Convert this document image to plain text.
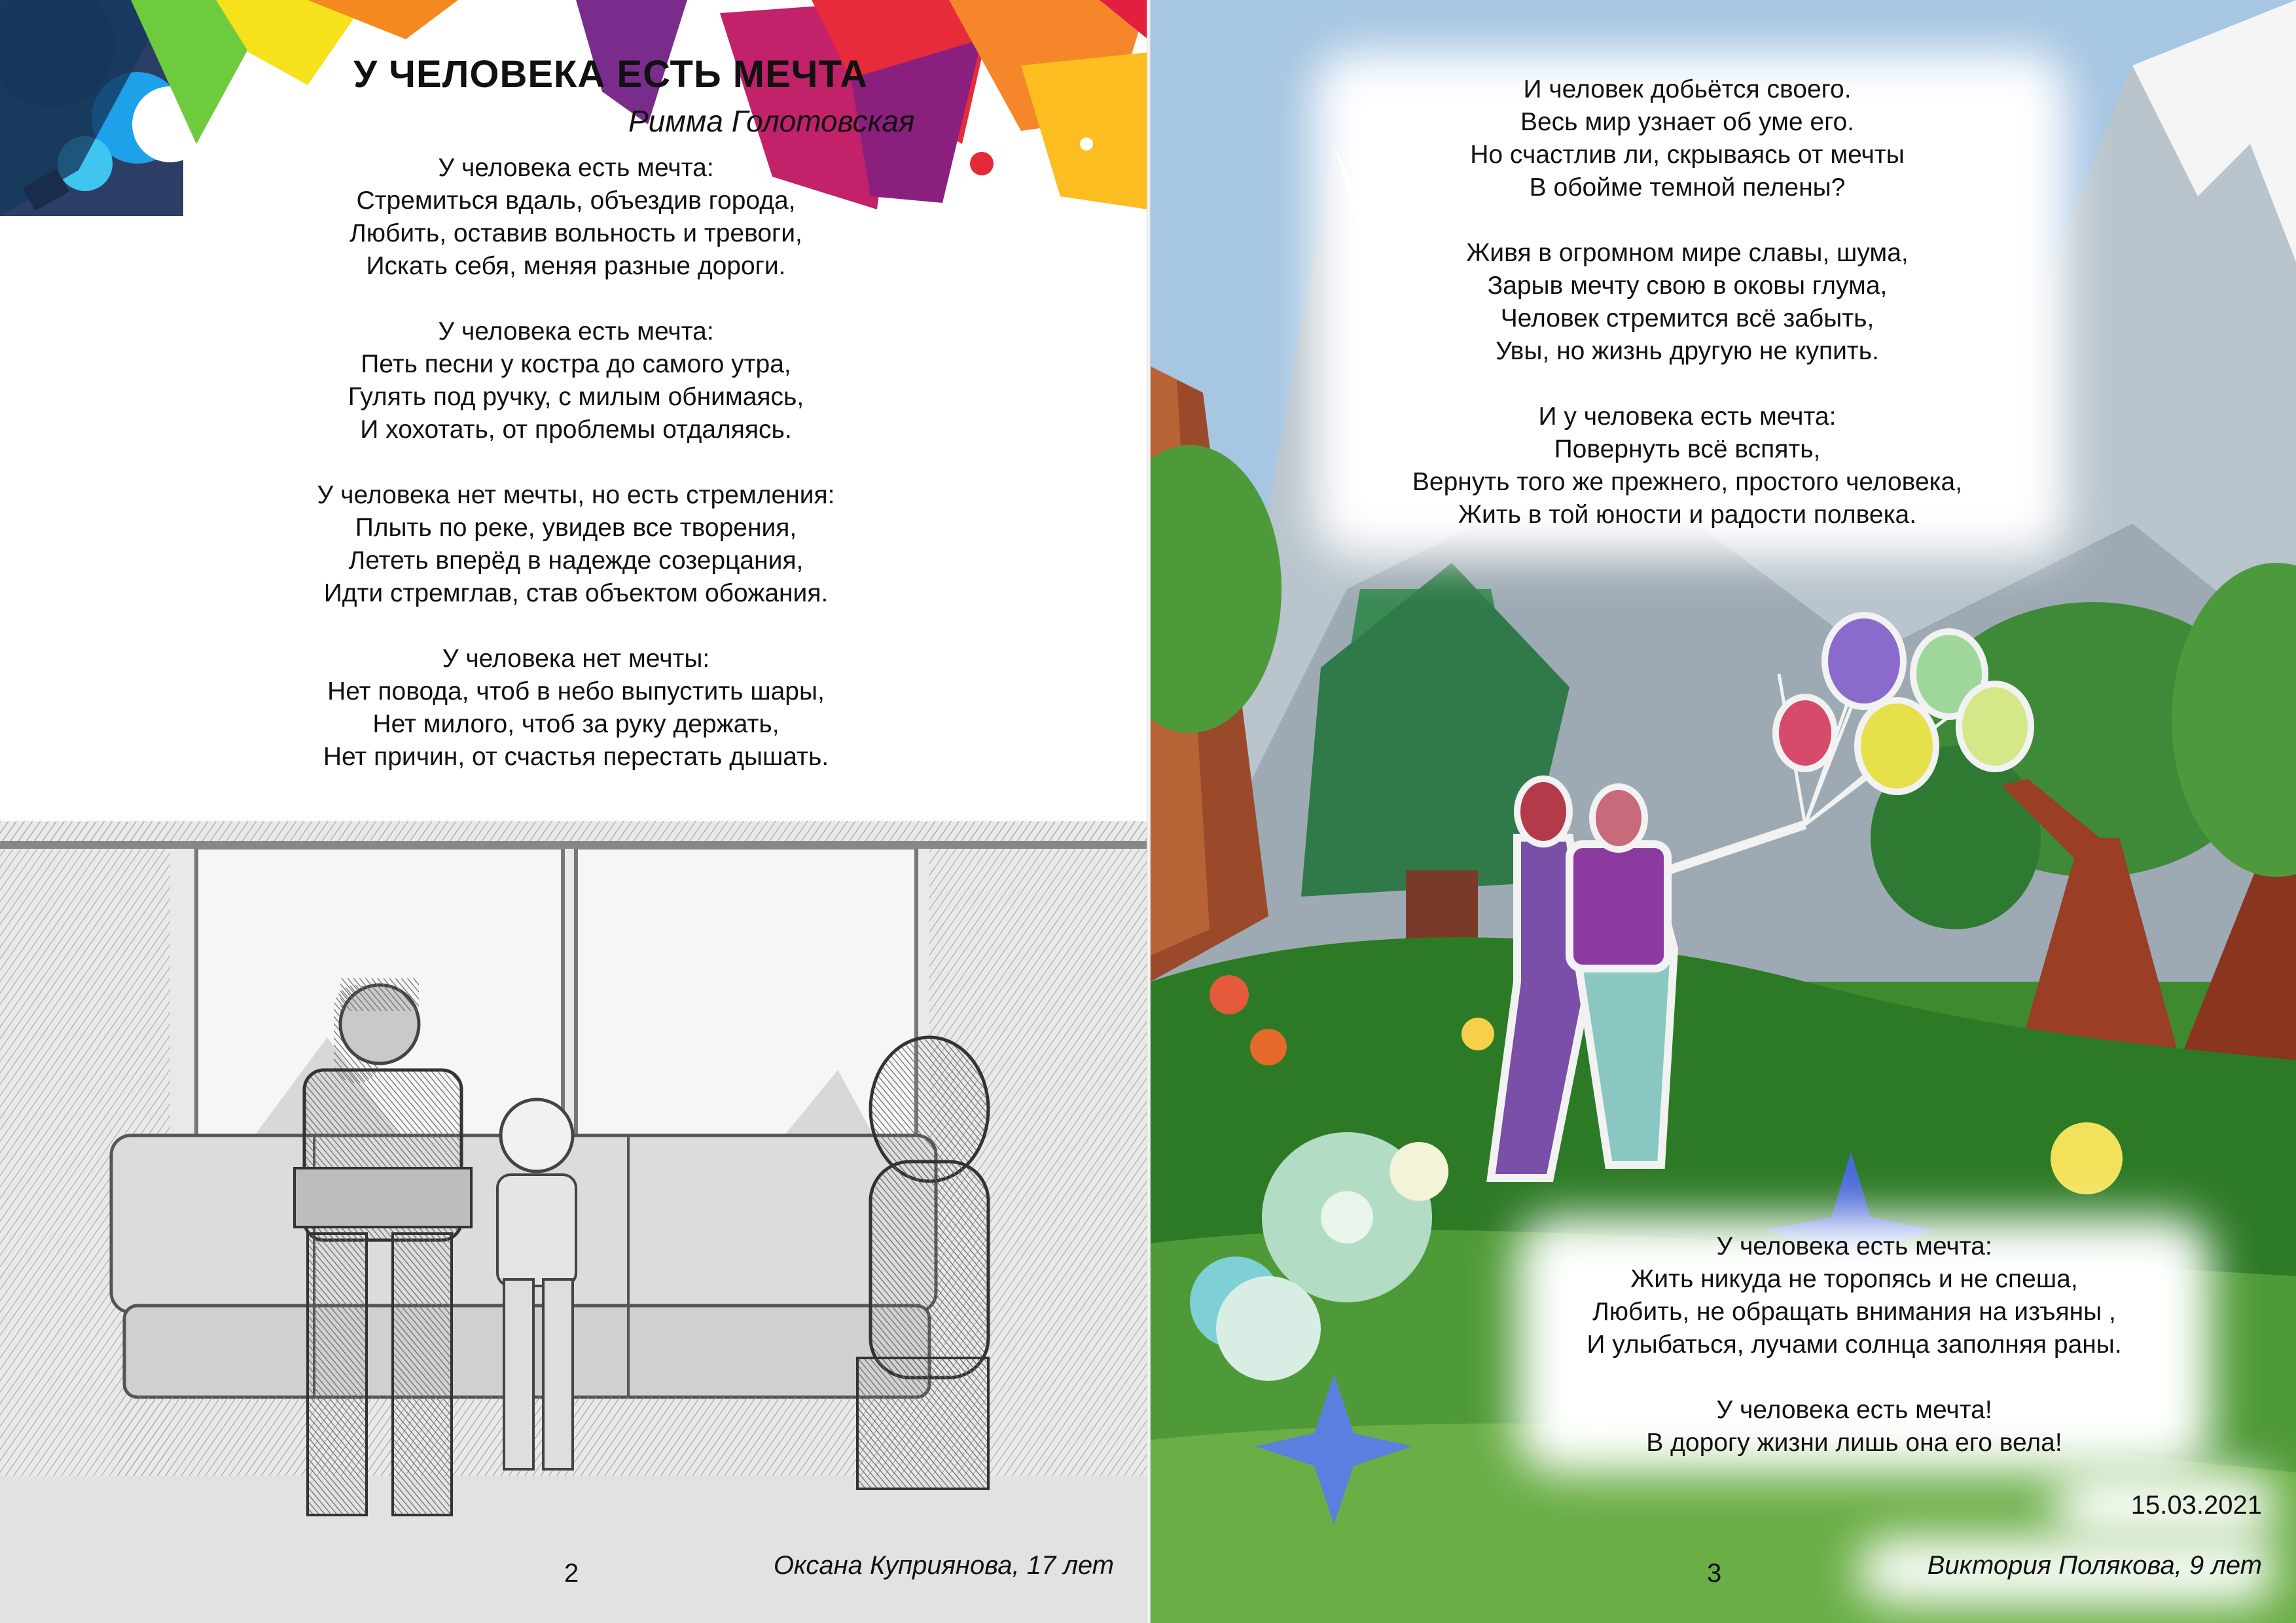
У ЧЕЛОВЕКА ЕСТЬ МЕЧТА
Римма Голотовская
У человека есть мечта:
Стремиться вдаль, объездив города,
Любить, оставив вольность и тревоги,
Искать себя, меняя разные дороги.
У человека есть мечта:
Петь песни у костра до самого утра,
Гулять под ручку, с милым обнимаясь,
И хохотать, от проблемы отдаляясь.
У человека нет мечты, но есть стремления:
Плыть по реке, увидев все творения,
Лететь вперёд в надежде созерцания,
Идти стремглав, став объектом обожания.
У человека нет мечты:
Нет повода, чтоб в небо выпустить шары,
Нет милого, чтоб за руку держать,
Нет причин, от счастья перестать дышать.
Оксана Куприянова, 17 лет
2
И человек добьётся своего.
Весь мир узнает об уме его.
Но счастлив ли, скрываясь от мечты
В обойме темной пелены?
Живя в огромном мире славы, шума,
Зарыв мечту свою в оковы глума,
Человек стремится всё забыть,
Увы, но жизнь другую не купить.
И у человека есть мечта:
Повернуть всё вспять,
Вернуть того же прежнего, простого человека,
Жить в той юности и радости полвека.
У человека есть мечта:
Жить никуда не торопясь и не спеша,
Любить, не обращать внимания на изъяны ,
И улыбаться, лучами солнца заполняя раны.
У человека есть мечта!
В дорогу жизни лишь она его вела!
15.03.2021
Виктория Полякова, 9 лет
3
